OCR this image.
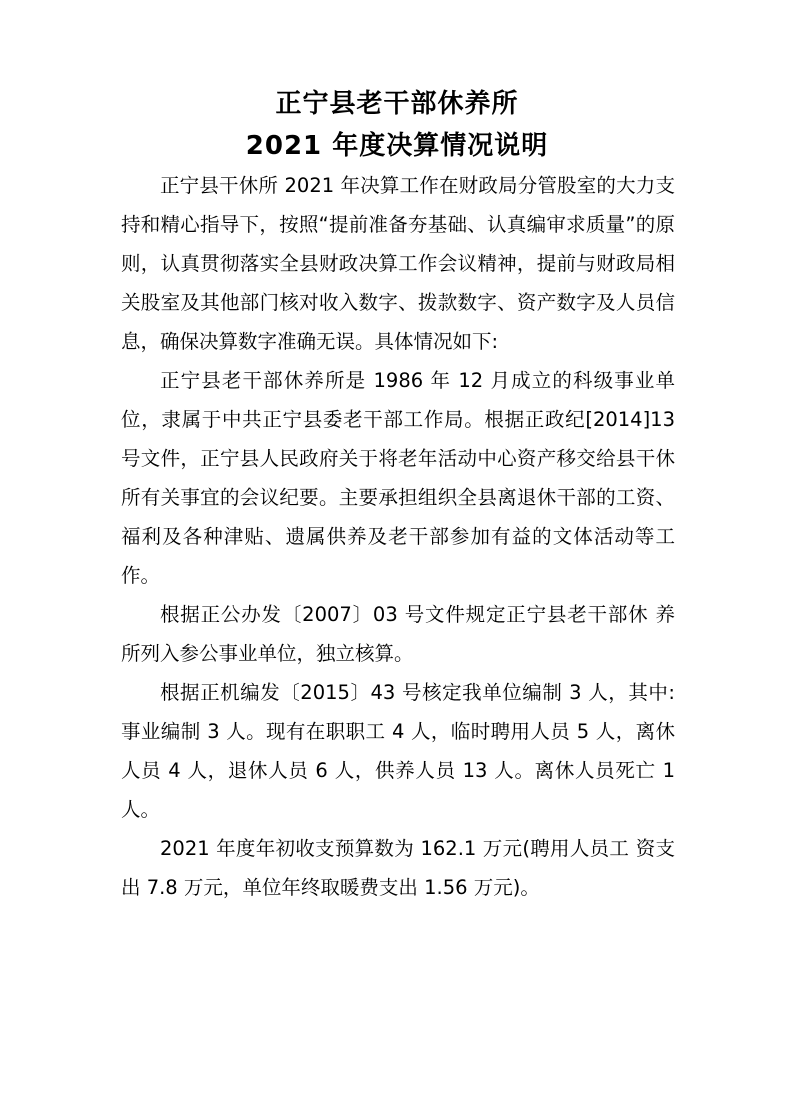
正宁县老干部休养所
2021 年度决算情况说明

正宁县干休所 2021 年决算工作在财政局分管股室的大力支持和精心指导下，按照“提前准备夯基础、认真编审求质量”的原则，认真贯彻落实全县财政决算工作会议精神，提前与财政局相关股室及其他部门核对收入数字、拨款数字、资产数字及人员信息，确保决算数字准确无误。具体情况如下:

正宁县老干部休养所是 1986 年 12 月成立的科级事业单位，隶属于中共正宁县委老干部工作局。根据正政纪[2014]13 号文件，正宁县人民政府关于将老年活动中心资产移交给县干休 所有关事宜的会议纪要。主要承担组织全县离退休干部的工资、 福利及各种津贴、遗属供养及老干部参加有益的文体活动等工作。

根据正公办发〔2007〕03 号文件规定正宁县老干部休 养所列入参公事业单位，独立核算。

根据正机编发〔2015〕43 号核定我单位编制 3 人，其中:事业编制 3 人。现有在职职工 4 人，临时聘用人员 5 人，离休人员 4 人，退休人员 6 人，供养人员 13 人。离休人员死亡 1 人。

2021 年度年初收支预算数为 162.1 万元(聘用人员工 资支出 7.8 万元，单位年终取暖费支出 1.56 万元)。
